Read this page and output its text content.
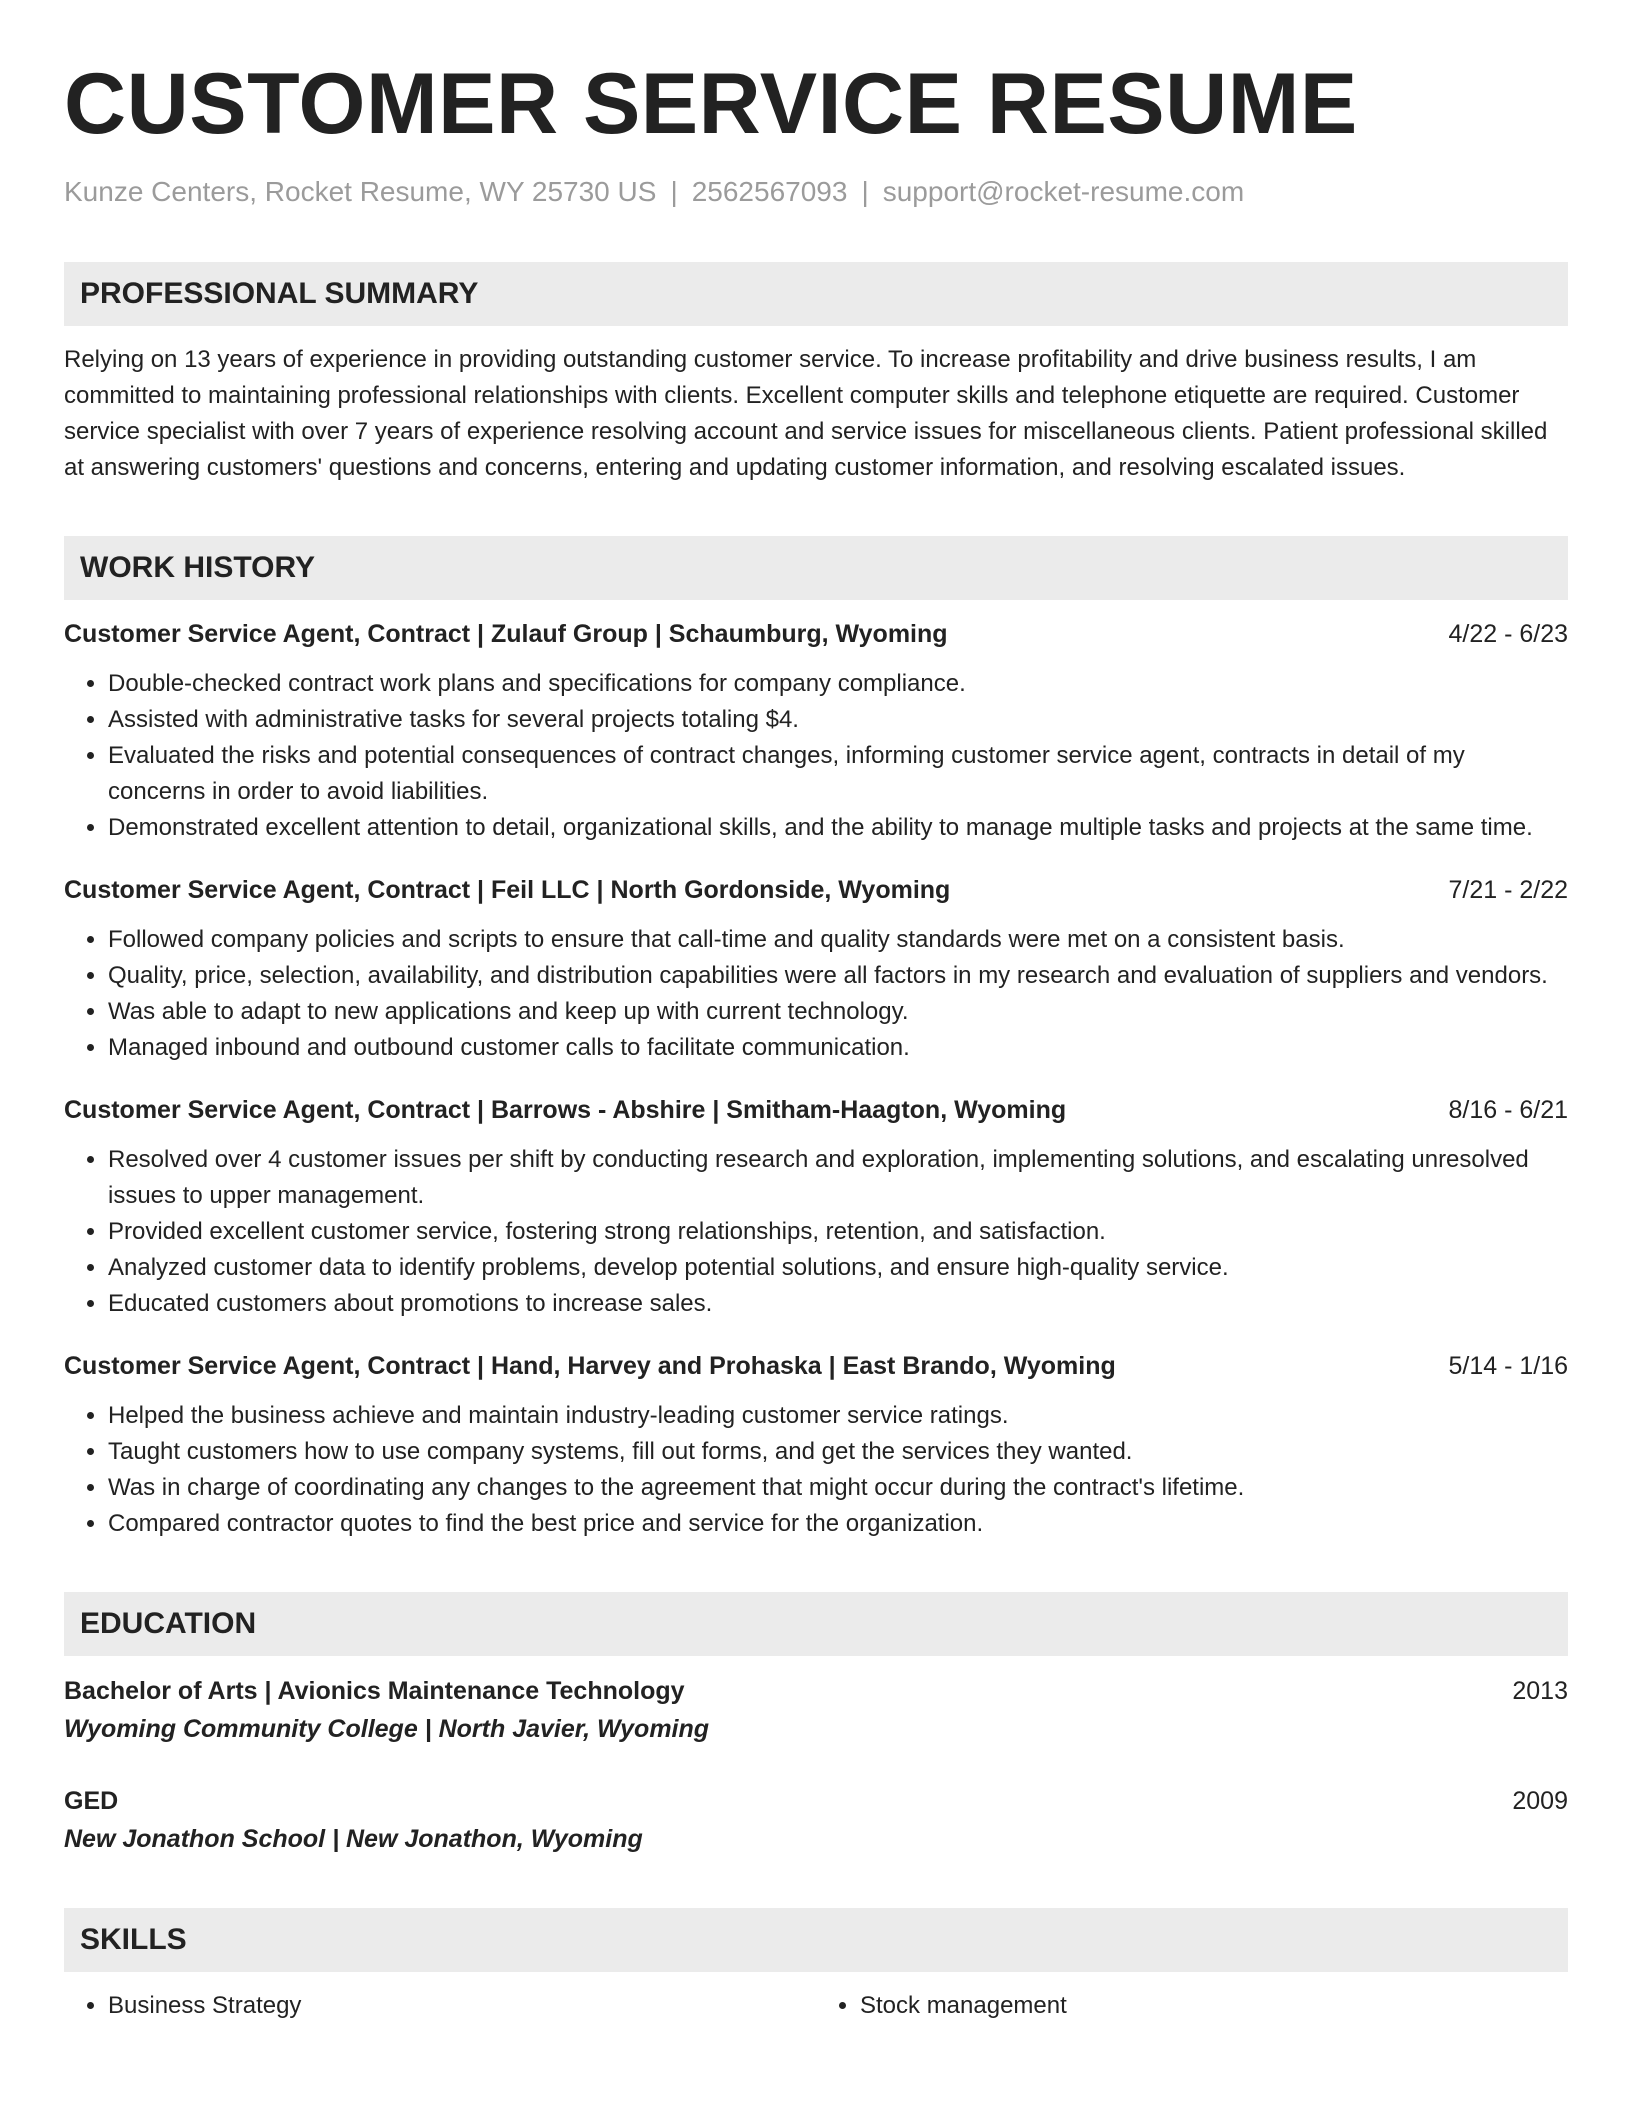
CUSTOMER SERVICE RESUME
Kunze Centers, Rocket Resume, WY 25730 US | 2562567093 | support@rocket-resume.com
PROFESSIONAL SUMMARY

Relying on 13 years of experience in providing outstanding customer service. To increase profitability and drive business results, I am committed to maintaining professional relationships with clients. Excellent computer skills and telephone etiquette are required. Customer service specialist with over 7 years of experience resolving account and service issues for miscellaneous clients. Patient professional skilled at answering customers' questions and concerns, entering and updating customer information, and resolving escalated issues.

WORK HISTORY
Customer Service Agent, Contract | Zulauf Group | Schaumburg, Wyoming	4/22 - 6/23
• Double-checked contract work plans and specifications for company compliance.
• Assisted with administrative tasks for several projects totaling $4.
• Evaluated the risks and potential consequences of contract changes, informing customer service agent, contracts in detail of my concerns in order to avoid liabilities.
• Demonstrated excellent attention to detail, organizational skills, and the ability to manage multiple tasks and projects at the same time.
Customer Service Agent, Contract | Feil LLC | North Gordonside, Wyoming	7/21 - 2/22
• Followed company policies and scripts to ensure that call-time and quality standards were met on a consistent basis.
• Quality, price, selection, availability, and distribution capabilities were all factors in my research and evaluation of suppliers and vendors.
• Was able to adapt to new applications and keep up with current technology.
• Managed inbound and outbound customer calls to facilitate communication.
Customer Service Agent, Contract | Barrows - Abshire | Smitham-Haagton, Wyoming	8/16 - 6/21
• Resolved over 4 customer issues per shift by conducting research and exploration, implementing solutions, and escalating unresolved issues to upper management.
• Provided excellent customer service, fostering strong relationships, retention, and satisfaction.
• Analyzed customer data to identify problems, develop potential solutions, and ensure high-quality service.
• Educated customers about promotions to increase sales.
Customer Service Agent, Contract | Hand, Harvey and Prohaska | East Brando, Wyoming	5/14 - 1/16
• Helped the business achieve and maintain industry-leading customer service ratings.
• Taught customers how to use company systems, fill out forms, and get the services they wanted.
• Was in charge of coordinating any changes to the agreement that might occur during the contract's lifetime.
• Compared contractor quotes to find the best price and service for the organization.
EDUCATION
Bachelor of Arts | Avionics Maintenance Technology	2013
Wyoming Community College | North Javier, Wyoming
GED	2009
New Jonathon School | New Jonathon, Wyoming
SKILLS
• Business Strategy
•	Stock management
